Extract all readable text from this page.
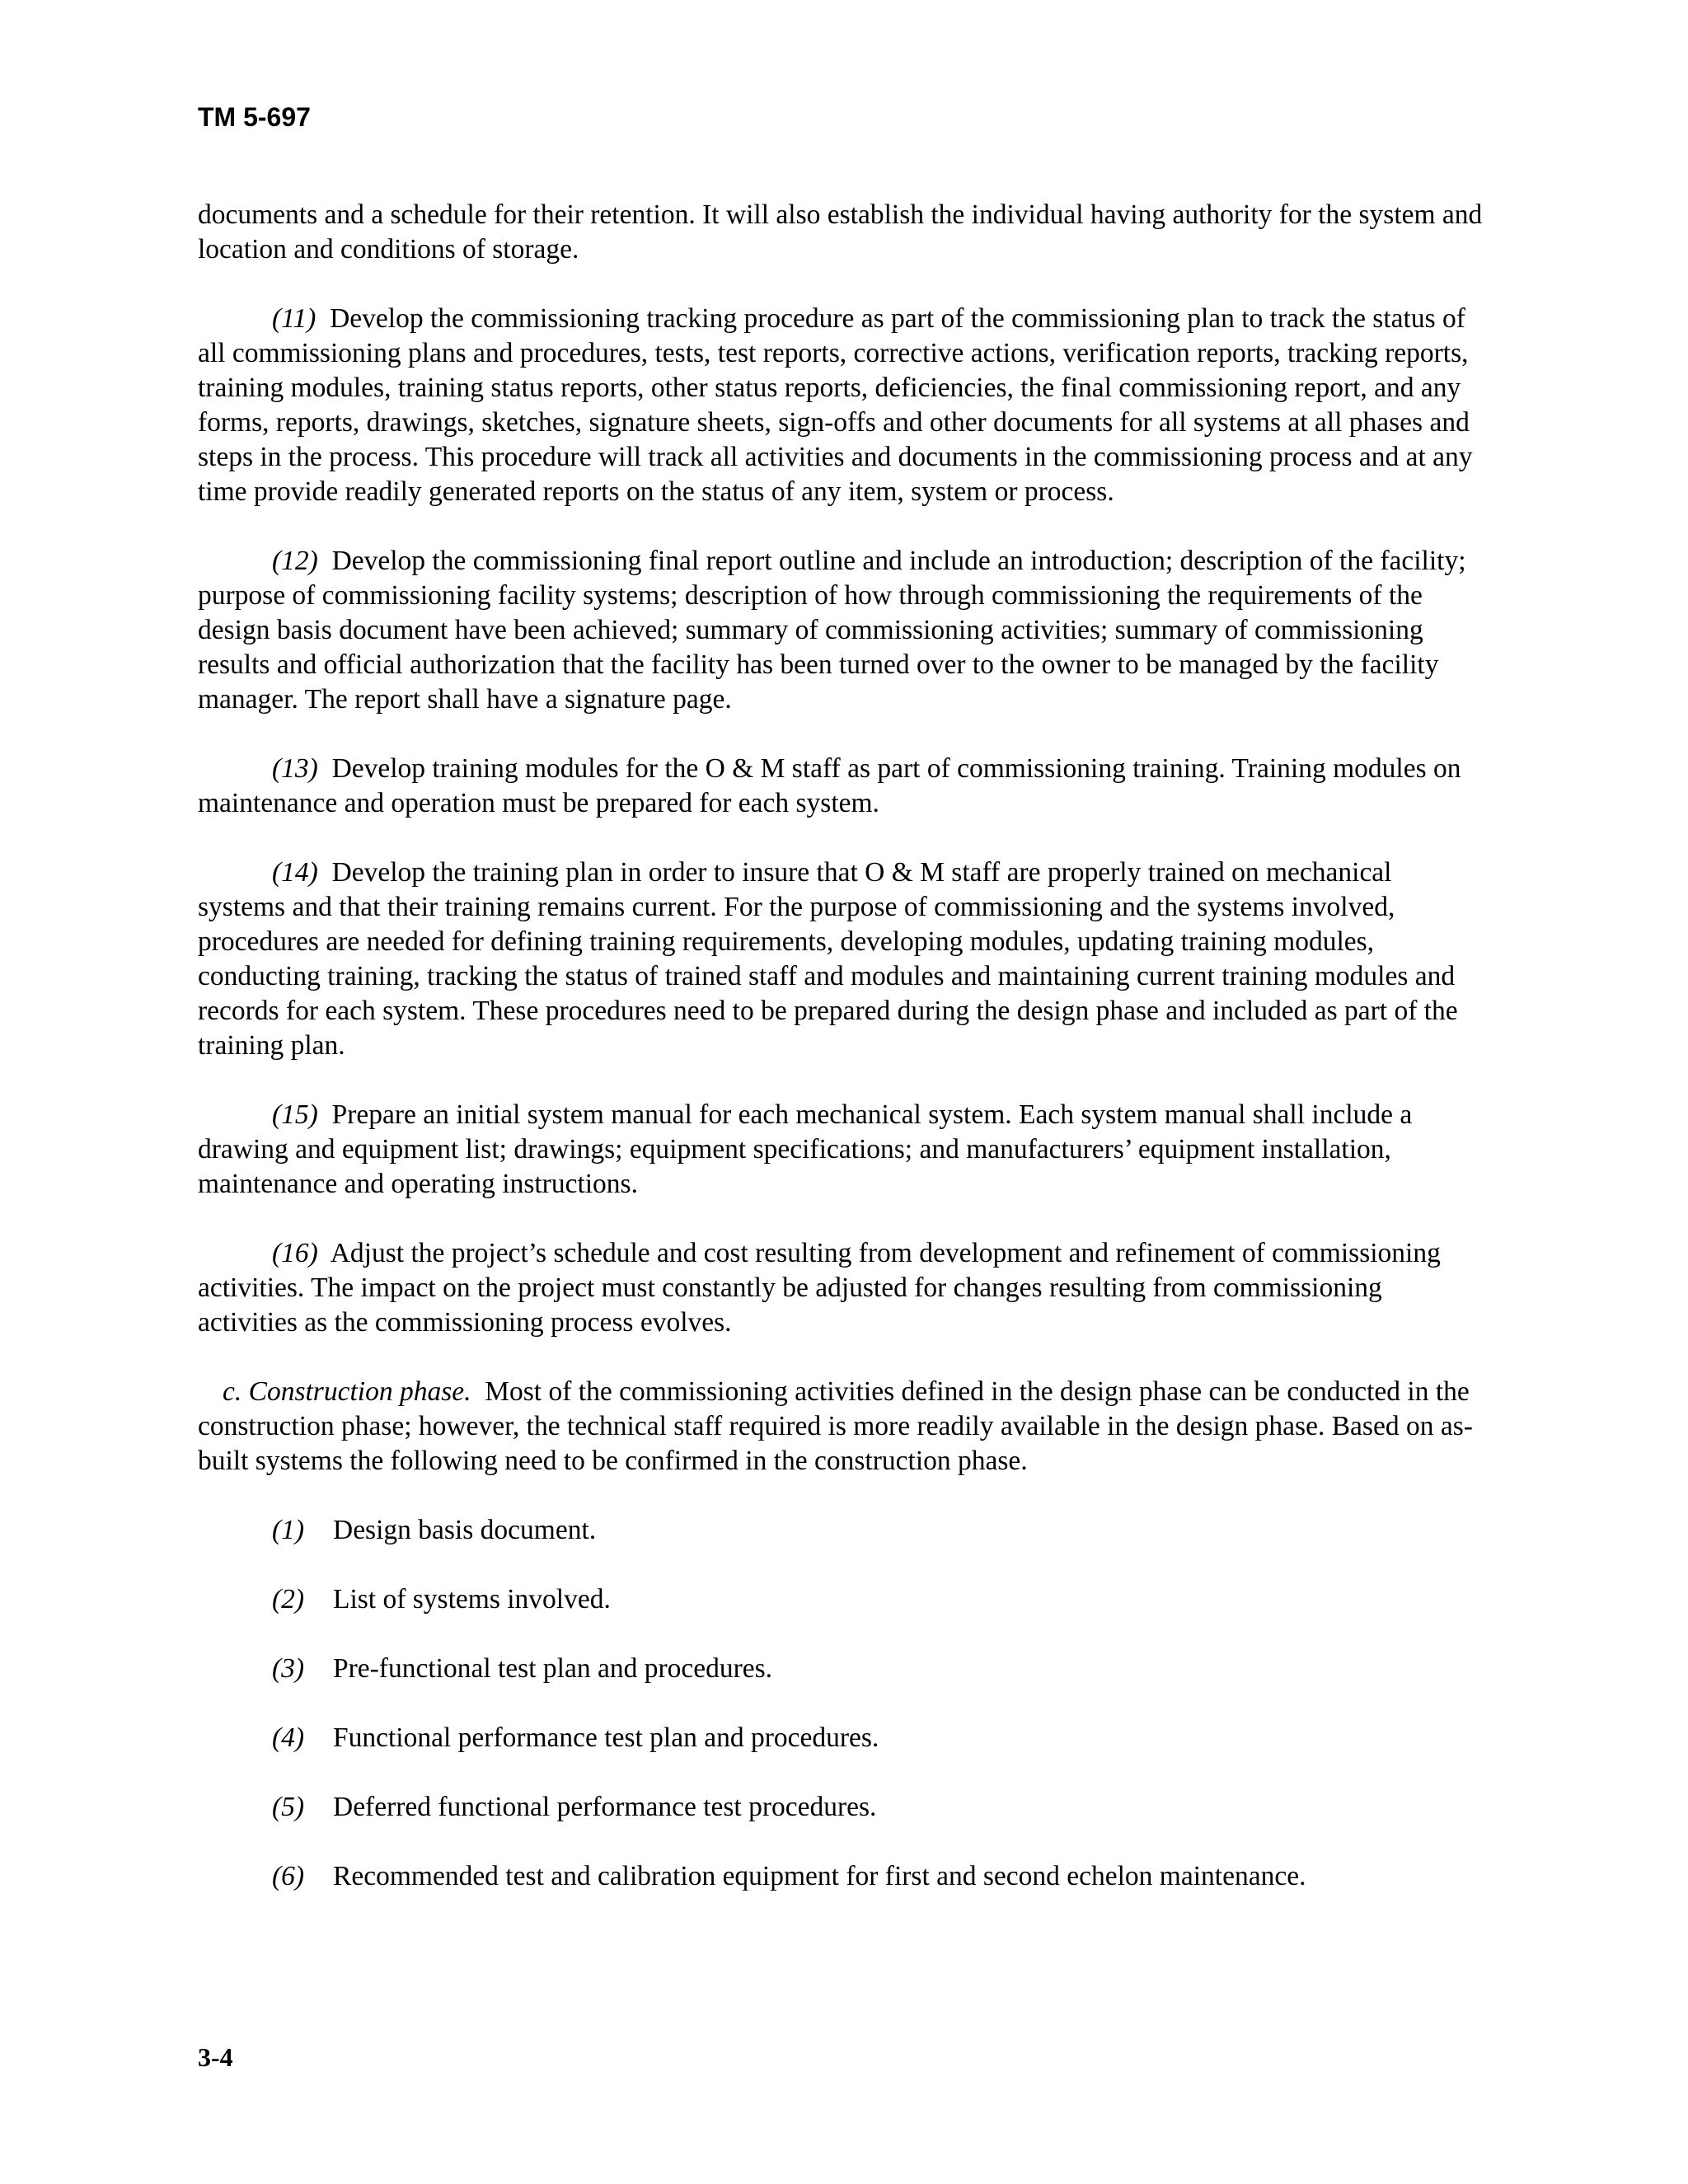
TM 5-697

documents and a schedule for their retention. It will also establish the individual having authority for the system and location and conditions of storage.

(11) Develop the commissioning tracking procedure as part of the commissioning plan to track the status of all commissioning plans and procedures, tests, test reports, corrective actions, verification reports, tracking reports, training modules, training status reports, other status reports, deficiencies, the final commissioning report, and any forms, reports, drawings, sketches, signature sheets, sign-offs and other documents for all systems at all phases and steps in the process. This procedure will track all activities and documents in the commissioning process and at any time provide readily generated reports on the status of any item, system or process.

(12) Develop the commissioning final report outline and include an introduction; description of the facility; purpose of commissioning facility systems; description of how through commissioning the requirements of the design basis document have been achieved; summary of commissioning activities; summary of commissioning results and official authorization that the facility has been turned over to the owner to be managed by the facility manager. The report shall have a signature page.

(13) Develop training modules for the O & M staff as part of commissioning training. Training modules on maintenance and operation must be prepared for each system.

(14) Develop the training plan in order to insure that O & M staff are properly trained on mechanical systems and that their training remains current. For the purpose of commissioning and the systems involved, procedures are needed for defining training requirements, developing modules, updating training modules, conducting training, tracking the status of trained staff and modules and maintaining current training modules and records for each system. These procedures need to be prepared during the design phase and included as part of the training plan.

(15) Prepare an initial system manual for each mechanical system. Each system manual shall include a drawing and equipment list; drawings; equipment specifications; and manufacturers’ equipment installation, maintenance and operating instructions.

(16) Adjust the project’s schedule and cost resulting from development and refinement of commissioning activities. The impact on the project must constantly be adjusted for changes resulting from commissioning activities as the commissioning process evolves.

c. Construction phase. Most of the commissioning activities defined in the design phase can be conducted in the construction phase; however, the technical staff required is more readily available in the design phase. Based on as-built systems the following need to be confirmed in the construction phase.

(1)	Design basis document.
(2)	List of systems involved.
(3)	Pre-functional test plan and procedures.
(4)	Functional performance test plan and procedures.
(5)	Deferred functional performance test procedures.
(6)	Recommended test and calibration equipment for first and second echelon maintenance.

3-4
